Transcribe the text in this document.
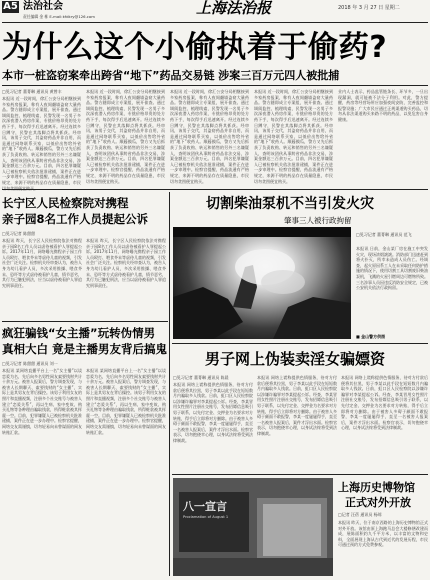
A5 法治社会
责任编辑 金 栋 E-mail:kfdkry@126.com	上海法治报	2018 年 3 月 27 日 星期二
为什么这个小偷执着于偷药?
本市一桩盗窃案牵出跨省“地下”药品交易链 涉案三百万元四人被批捕
□见习记者 董菁琳 通讯员 黄曾丰
本报讯 近一段时间，徐汇公安分局相继接到多家药房报案，称有人夜间翻墙盗窃大量药品。警方随即成立专案组，展开侦查。通过调阅监控、梳理线索，民警发现一名男子多次深夜潜入药房作案，专挑价格昂贵的处方药下手，每次得手后迅速离开。经过连续多日蹲守，民警在其落脚点将其抓获。经审讯，该男子交代，其盗窃药品并非自用，而是通过网络联系买家，以低价出售给外省的“地下”收药人。顺藤摸瓜，警方又先后抓获了负责收购、转运和销售的另外三名嫌疑人，查明该团伙从事跨省药品非法交易，涉案金额达三百余万元。目前，四名犯罪嫌疑人已被检察机关依法批准逮捕，案件正在进一步审理中。检察官提醒，药品流通有严格规定，来源不明的药品存在质量隐患，市民切勿贪图便宜购买。
本报讯 近一段时间，徐汇公安分局相继接到多家药房报案，称有人夜间翻墙盗窃大量药品。警方随即成立专案组，展开侦查。通过调阅监控、梳理线索，民警发现一名男子多次深夜潜入药房作案，专挑价格昂贵的处方药下手，每次得手后迅速离开。经过连续多日蹲守，民警在其落脚点将其抓获。经审讯，该男子交代，其盗窃药品并非自用，而是通过网络联系买家，以低价出售给外省的“地下”收药人。顺藤摸瓜，警方又先后抓获了负责收购、转运和销售的另外三名嫌疑人，查明该团伙从事跨省药品非法交易，涉案金额达三百余万元。目前，四名犯罪嫌疑人已被检察机关依法批准逮捕，案件正在进一步审理中。检察官提醒，药品流通有严格规定，来源不明的药品存在质量隐患，市民切勿贪图便宜购买。
本报讯 近一段时间，徐汇公安分局相继接到多家药房报案，称有人夜间翻墙盗窃大量药品。警方随即成立专案组，展开侦查。通过调阅监控、梳理线索，民警发现一名男子多次深夜潜入药房作案，专挑价格昂贵的处方药下手，每次得手后迅速离开。经过连续多日蹲守，民警在其落脚点将其抓获。经审讯，该男子交代，其盗窃药品并非自用，而是通过网络联系买家，以低价出售给外省的“地下”收药人。顺藤摸瓜，警方又先后抓获了负责收购、转运和销售的另外三名嫌疑人，查明该团伙从事跨省药品非法交易，涉案金额达三百余万元。目前，四名犯罪嫌疑人已被检察机关依法批准逮捕，案件正在进一步审理中。检察官提醒，药品流通有严格规定，来源不明的药品存在质量隐患，市民切勿贪图便宜购买。
本报讯 近一段时间，徐汇公安分局相继接到多家药房报案，称有人夜间翻墙盗窃大量药品。警方随即成立专案组，展开侦查。通过调阅监控、梳理线索，民警发现一名男子多次深夜潜入药房作案，专挑价格昂贵的处方药下手，每次得手后迅速离开。经过连续多日蹲守，民警在其落脚点将其抓获。经审讯，该男子交代，其盗窃药品并非自用，而是通过网络联系买家，以低价出售给外省的“地下”收药人。顺藤摸瓜，警方又先后抓获了负责收购、转运和销售的另外三名嫌疑人，查明该团伙从事跨省药品非法交易，涉案金额达三百余万元。目前，四名犯罪嫌疑人已被检察机关依法批准逮捕，案件正在进一步审理中。检察官提醒，药品流通有严格规定，来源不明的药品存在质量隐患，市民切勿贪图便宜购买。
业内人士表示，药品监管链条长、环节多，一旦出现漏洞，就可能被不法分子利用。对此，警方提醒，药房等经营场所应加强夜间安防，完善监控和报警设施；广大市民应通过正规渠道购买药品，切勿从非法渠道购买来路不明的药品，以免危害自身健康。
长宁区人民检察院对携程
亲子园8名工作人员提起公诉
□见习记者 陈甜甜
本报讯 昨天，长宁区人民检察院依法对携程亲子园8名工作人员以虐待被看护人罪提起公诉。2017年11月，网络曝光携程亲子园工作人员殴打、喂食芥末等虐待儿童的视频，引发社会广泛关注。检察机关经审查认为，被告人身为幼儿看护人员，多次采用推搡、喂食芥末、恐吓等方式虐待被看护儿童，情节恶劣，其行为已触犯刑法，应当以虐待被看护人罪追究刑事责任。
本报讯 昨天，长宁区人民检察院依法对携程亲子园8名工作人员以虐待被看护人罪提起公诉。2017年11月，网络曝光携程亲子园工作人员殴打、喂食芥末等虐待儿童的视频，引发社会广泛关注。检察机关经审查认为，被告人身为幼儿看护人员，多次采用推搡、喂食芥末、恐吓等方式虐待被看护儿童，情节恶劣，其行为已触犯刑法，应当以虐待被看护人罪追究刑事责任。
疯狂骗钱“女主播”玩转伪情男
真相大白 竟是主播男友背后搞鬼
□见习记者 陈甜甜 通讯员 刘一
本报讯 某网络直播平台上一名“女主播”以谈恋爱为名，先后向多名男性网友索要钱财共计十余万元。被害人报案后，警方调查发现，与被害人长期聊天、索要钱财的“女主播”，实际上是其男友在背后操控。该男子利用女友的照片和直播视频，注册多个社交账号与被害人建立“恋爱关系”，再以生病、家中变故、购买礼物等各种理由骗取钱款，所得赃款被其挥霍一空。目前，犯罪嫌疑人已被检察机关批准逮捕，案件正在进一步办理中。检察官提醒，网络交友需谨慎，切勿轻易向未曾谋面的网友转账汇款。
本报讯 某网络直播平台上一名“女主播”以谈恋爱为名，先后向多名男性网友索要钱财共计十余万元。被害人报案后，警方调查发现，与被害人长期聊天、索要钱财的“女主播”，实际上是其男友在背后操控。该男子利用女友的照片和直播视频，注册多个社交账号与被害人建立“恋爱关系”，再以生病、家中变故、购买礼物等各种理由骗取钱款，所得赃款被其挥霍一空。目前，犯罪嫌疑人已被检察机关批准逮捕，案件正在进一步办理中。检察官提醒，网络交友需谨慎，切勿轻易向未曾谋面的网友转账汇款。
切割柴油泵机不当引发火灾
肇事三人被行政拘留
□见习记者 董菁琳 通讯员 范飞
本报讯 日前，金山某厂房在施工中突发火灾，现场浓烟滚滚。消防部门迅速赶到将火扑灭，所幸未造成人员伤亡。经调查，起火原因系工人在未采取任何防护措施的情况下，使用切割工具切割废旧柴油泵机，飞溅的火星引燃周边可燃物所致。三名涉事人员因违反消防安全规定，已被公安机关依法行政拘留。
■ 金山警方供图
男子网上伪装卖淫女骗嫖资
□见习记者 董菁琳 通讯员 陈晨
本报讯 网络上谎称提供色情服务，待对方付款后便将其拉黑，男子李某以此手段在短短数月内骗取多人钱款。日前，虹口区人民检察院以涉嫌诈骗罪对李某提起公诉。经查，李某冒用女性照片注册社交账号，发布招嫖信息吸引男子联系，以先付定金、交押金为名要求对方转账，得手后立即将对方删除。由于被害人多碍于颜面不敢报警，李某一度屡屡得手，直至一名被害人报案后，案件才浮出水面。检察官表示，切勿抱侥幸心理，以身试法终将受到法律制裁。
本报讯 网络上谎称提供色情服务，待对方付款后便将其拉黑，男子李某以此手段在短短数月内骗取多人钱款。日前，虹口区人民检察院以涉嫌诈骗罪对李某提起公诉。经查，李某冒用女性照片注册社交账号，发布招嫖信息吸引男子联系，以先付定金、交押金为名要求对方转账，得手后立即将对方删除。由于被害人多碍于颜面不敢报警，李某一度屡屡得手，直至一名被害人报案后，案件才浮出水面。检察官表示，切勿抱侥幸心理，以身试法终将受到法律制裁。
本报讯 网络上谎称提供色情服务，待对方付款后便将其拉黑，男子李某以此手段在短短数月内骗取多人钱款。日前，虹口区人民检察院以涉嫌诈骗罪对李某提起公诉。经查，李某冒用女性照片注册社交账号，发布招嫖信息吸引男子联系，以先付定金、交押金为名要求对方转账，得手后立即将对方删除。由于被害人多碍于颜面不敢报警，李某一度屡屡得手，直至一名被害人报案后，案件才浮出水面。检察官表示，切勿抱侥幸心理，以身试法终将受到法律制裁。
八一宣言
Proclamation of August 1
上海历史博物馆
正式对外开放
□记者 汪蓓 通讯员 杨琼
本报讯 昨天，位于南京西路的上海历史博物馆正式对外开放。该馆由原上海跑马总会大楼修缮改建而成，展陈面积约九千平方米，以丰富的文物和史料，全面展现上海从古代到近代的发展历程，市民可通过预约方式免费参观。
